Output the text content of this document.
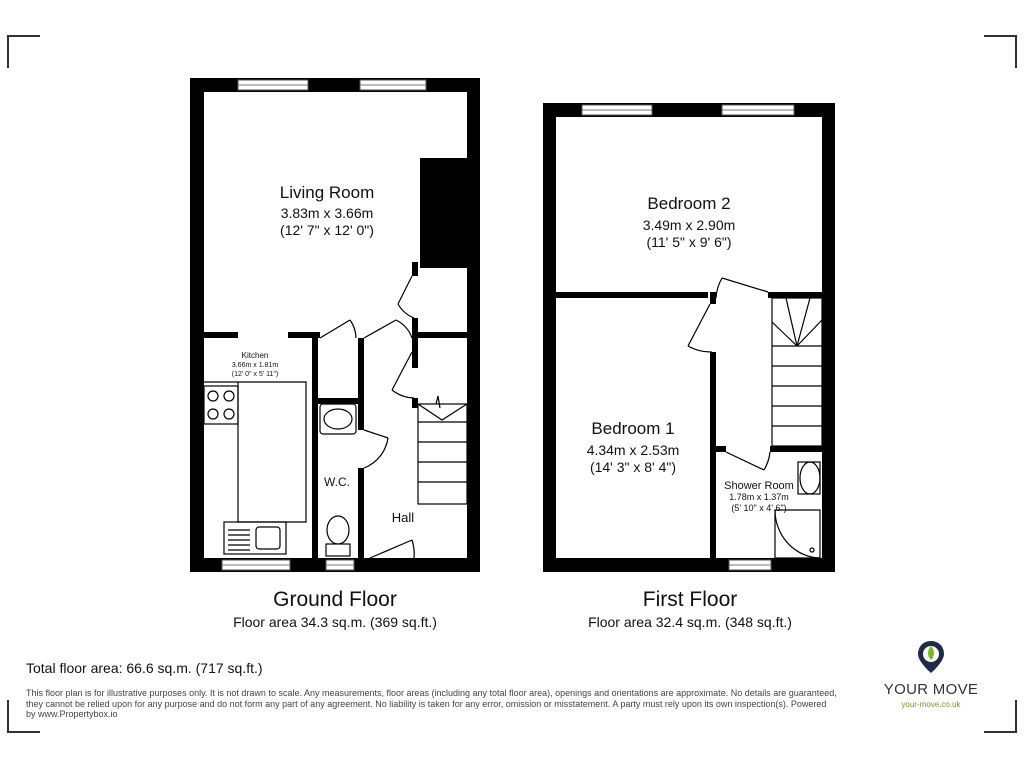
Living Room
3.83m x 3.66m
(12' 7" x 12' 0")
Kitchen
3.66m x 1.81m
(12' 0" x 5' 11")
W.C.
Hall
Ground Floor
Floor area 34.3 sq.m. (369 sq.ft.)
Bedroom 2
3.49m x 2.90m
(11' 5" x 9' 6")
Bedroom 1
4.34m x 2.53m
(14' 3" x 8' 4")
Shower Room
1.78m x 1.37m
(5' 10" x 4' 6")
First Floor
Floor area 32.4 sq.m. (348 sq.ft.)
Total floor area: 66.6 sq.m. (717 sq.ft.)
This floor plan is for illustrative purposes only. It is not drawn to scale. Any measurements, floor areas (including any total floor area), openings and orientations are approximate. No details are guaranteed, they cannot be relied upon for any purpose and do not form any part of any agreement. No liability is taken for any error, omission or misstatement. A party must rely upon its own inspection(s). Powered by www.Propertybox.io
YOUR MOVE
your-move.co.uk
